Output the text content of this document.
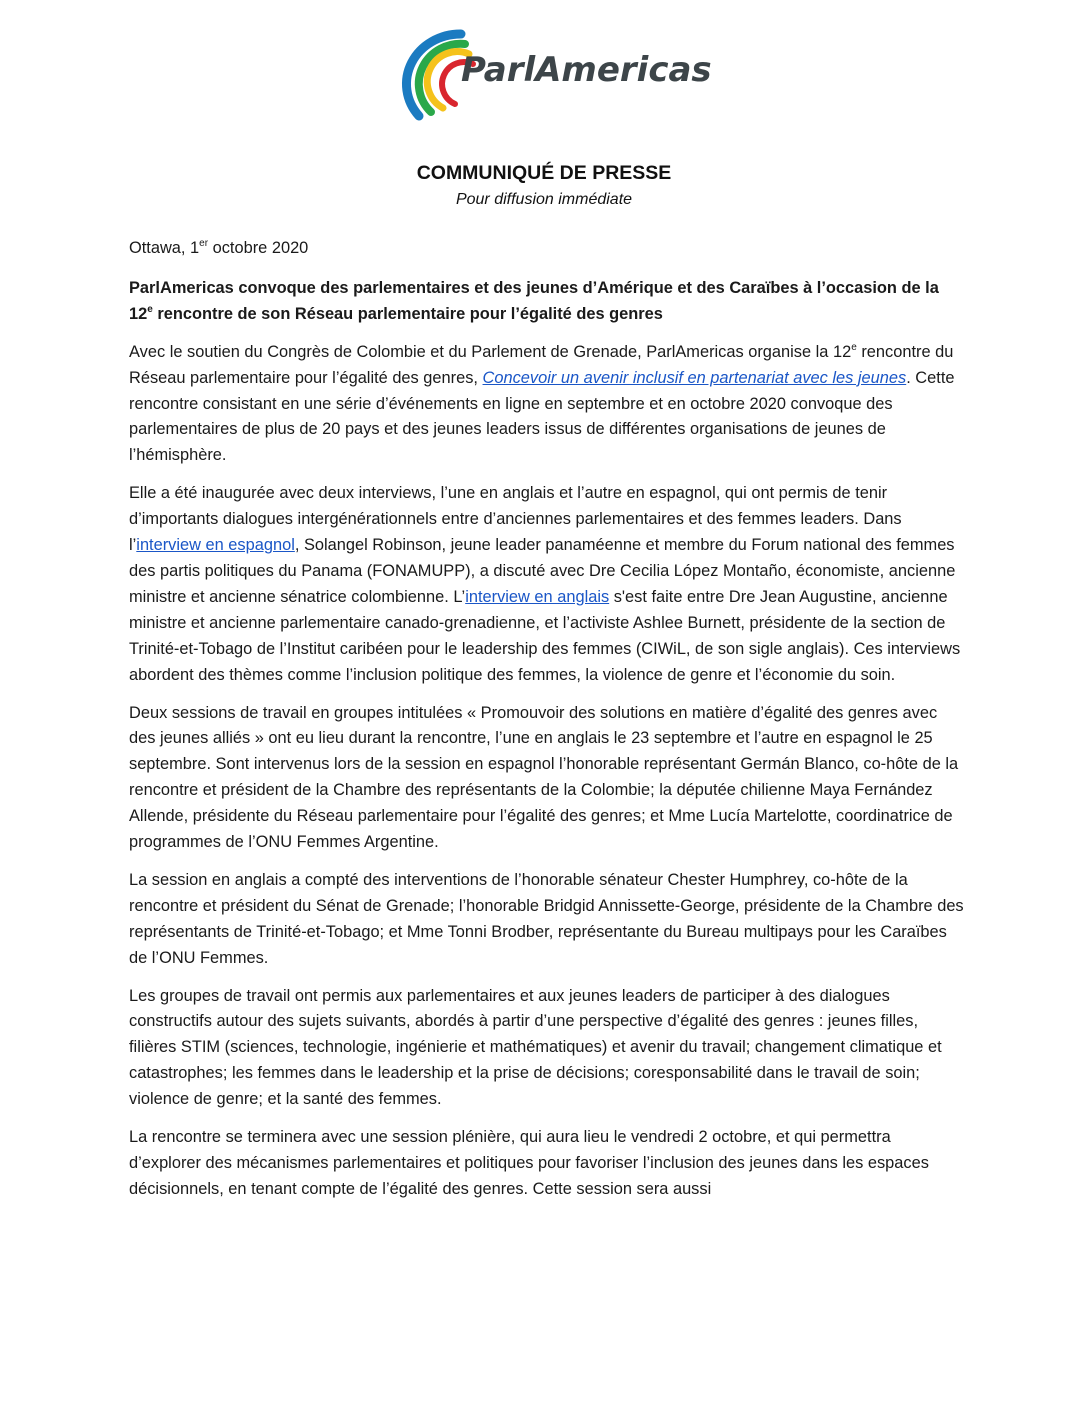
ParlAmericas
COMMUNIQUÉ DE PRESSE
Pour diffusion immédiate

Ottawa, 1er octobre 2020

ParlAmericas convoque des parlementaires et des jeunes d’Amérique et des Caraïbes à l’occasion de la 12e rencontre de son Réseau parlementaire pour l’égalité des genres

Avec le soutien du Congrès de Colombie et du Parlement de Grenade, ParlAmericas organise la 12e rencontre du Réseau parlementaire pour l’égalité des genres, Concevoir un avenir inclusif en partenariat avec les jeunes. Cette rencontre consistant en une série d’événements en ligne en septembre et en octobre 2020 convoque des parlementaires de plus de 20 pays et des jeunes leaders issus de différentes organisations de jeunes de l’hémisphère.

Elle a été inaugurée avec deux interviews, l’une en anglais et l’autre en espagnol, qui ont permis de tenir d’importants dialogues intergénérationnels entre d’anciennes parlementaires et des femmes leaders. Dans l’interview en espagnol, Solangel Robinson, jeune leader panaméenne et membre du Forum national des femmes des partis politiques du Panama (FONAMUPP), a discuté avec Dre Cecilia López Montaño, économiste, ancienne ministre et ancienne sénatrice colombienne. L’interview en anglais s'est faite entre Dre Jean Augustine, ancienne ministre et ancienne parlementaire canado-grenadienne, et l’activiste Ashlee Burnett, présidente de la section de Trinité-et-Tobago de l’Institut caribéen pour le leadership des femmes (CIWiL, de son sigle anglais). Ces interviews abordent des thèmes comme l’inclusion politique des femmes, la violence de genre et l’économie du soin.

Deux sessions de travail en groupes intitulées « Promouvoir des solutions en matière d’égalité des genres avec des jeunes alliés » ont eu lieu durant la rencontre, l’une en anglais le 23 septembre et l’autre en espagnol le 25 septembre. Sont intervenus lors de la session en espagnol l’honorable représentant Germán Blanco, co-hôte de la rencontre et président de la Chambre des représentants de la Colombie; la députée chilienne Maya Fernández Allende, présidente du Réseau parlementaire pour l’égalité des genres; et Mme Lucía Martelotte, coordinatrice de programmes de l’ONU Femmes Argentine.

La session en anglais a compté des interventions de l’honorable sénateur Chester Humphrey, co-hôte de la rencontre et président du Sénat de Grenade; l’honorable Bridgid Annissette-George, présidente de la Chambre des représentants de Trinité-et-Tobago; et Mme Tonni Brodber, représentante du Bureau multipays pour les Caraïbes de l’ONU Femmes.

Les groupes de travail ont permis aux parlementaires et aux jeunes leaders de participer à des dialogues constructifs autour des sujets suivants, abordés à partir d’une perspective d’égalité des genres : jeunes filles, filières STIM (sciences, technologie, ingénierie et mathématiques) et avenir du travail; changement climatique et catastrophes; les femmes dans le leadership et la prise de décisions; coresponsabilité dans le travail de soin; violence de genre; et la santé des femmes.

La rencontre se terminera avec une session plénière, qui aura lieu le vendredi 2 octobre, et qui permettra d’explorer des mécanismes parlementaires et politiques pour favoriser l’inclusion des jeunes dans les espaces décisionnels, en tenant compte de l’égalité des genres. Cette session sera aussi
